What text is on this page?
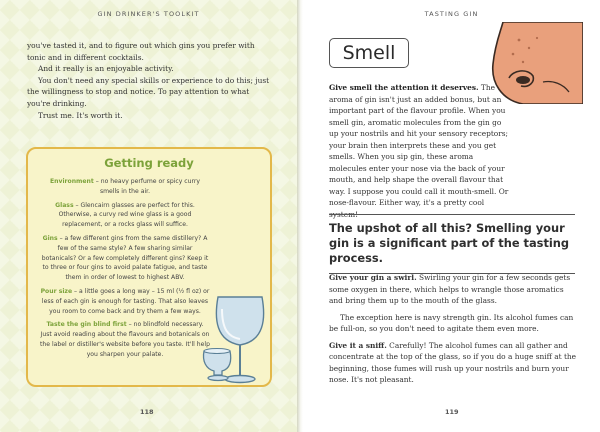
GIN DRINKER'S TOOLKIT

you've tasted it, and to figure out which gins you prefer with tonic and in different cocktails.

And it really is an enjoyable activity.

You don't need any special skills or experience to do this; just the willingness to stop and notice. To pay attention to what you're drinking.

Trust me. It's worth it.

Getting ready
Environment – no heavy perfume or spicy curry smells in the air.
Glass – Glencairn glasses are perfect for this. Otherwise, a curvy red wine glass is a good replacement, or a rocks glass will suffice.
Gins – a few different gins from the same distillery? A few of the same style? A few sharing similar botanicals? Or a few completely different gins? Keep it to three or four gins to avoid palate fatigue, and taste them in order of lowest to highest ABV.
Pour size – a little goes a long way – 15 ml (½ fl oz) or less of each gin is enough for tasting. That also leaves you room to come back and try them a few ways.
Taste the gin blind first – no blindfold necessary. Just avoid reading about the flavours and botanicals on the label or distiller's website before you taste. It'll help you sharpen your palate.
118
TASTING GIN
Smell

Give smell the attention it deserves. The aroma of gin isn't just an added bonus, but an important part of the flavour profile. When you smell gin, aromatic molecules from the gin go up your nostrils and hit your sensory receptors; your brain then interprets these and you get smells. When you sip gin, these aroma molecules enter your nose via the back of your mouth, and help shape the overall flavour that way. I suppose you could call it mouth-smell. Or nose-flavour. Either way, it's a pretty cool system!

The upshot of all this? Smelling your gin is a significant part of the tasting process.

Give your gin a swirl. Swirling your gin for a few seconds gets some oxygen in there, which helps to wrangle those aromatics and bring them up to the mouth of the glass.

The exception here is navy strength gin. Its alcohol fumes can be full-on, so you don't need to agitate them even more.

Give it a sniff. Carefully! The alcohol fumes can all gather and concentrate at the top of the glass, so if you do a huge sniff at the beginning, those fumes will rush up your nostrils and burn your nose. It's not pleasant.

119
